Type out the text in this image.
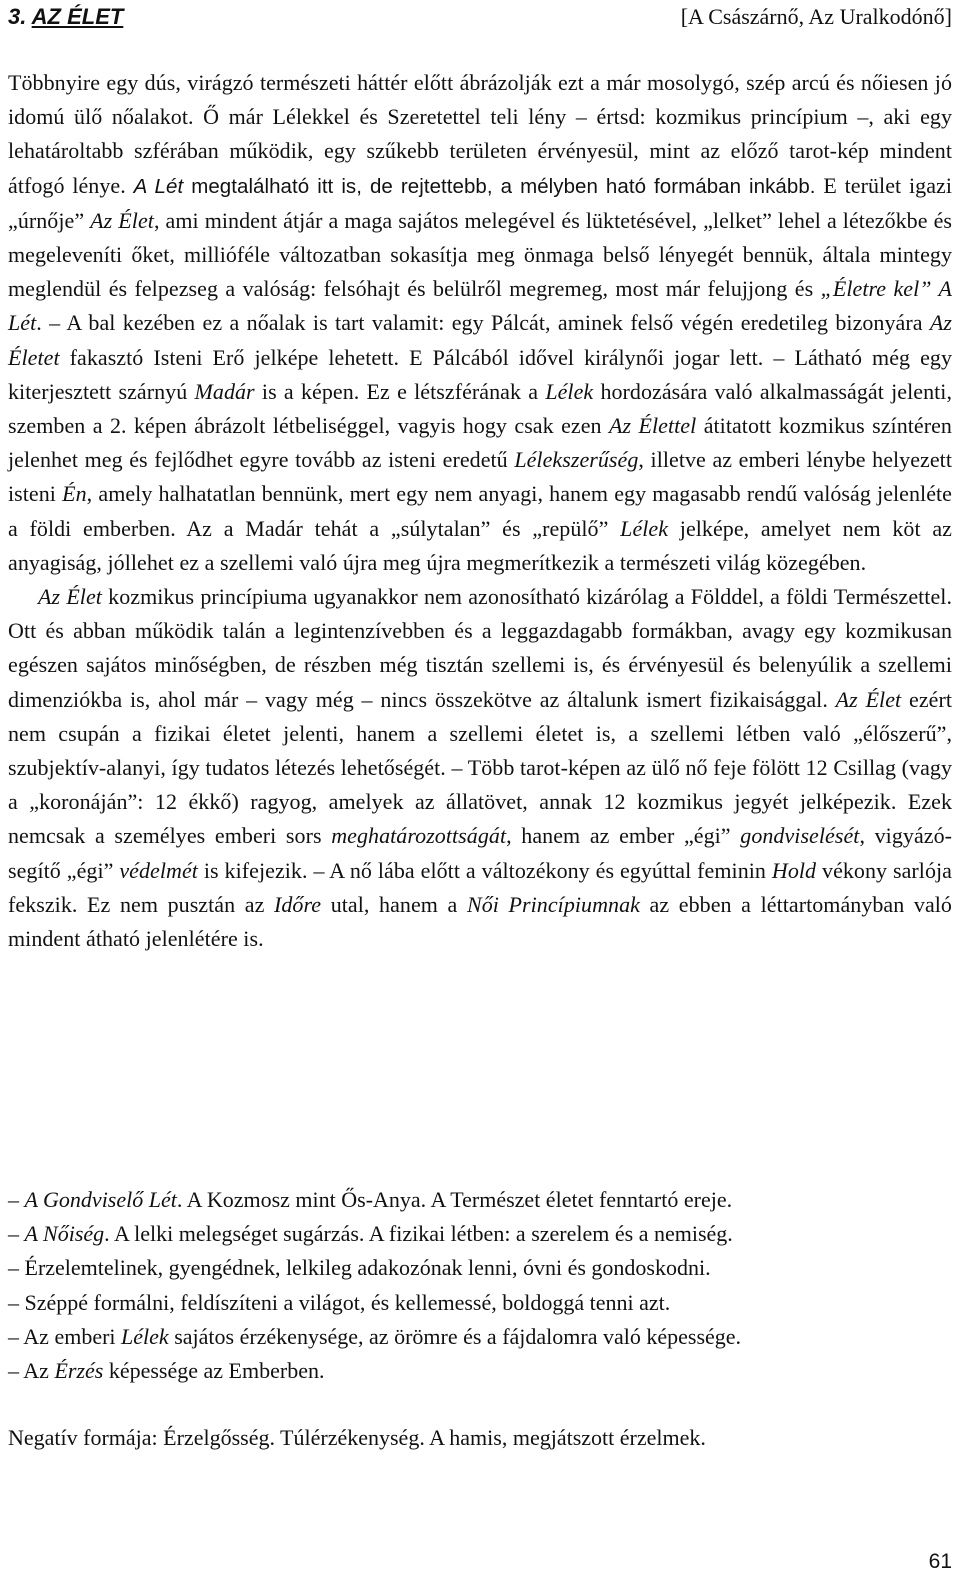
3. AZ ÉLET	[A Császárnő, Az Uralkodónő]

Többnyire egy dús, virágzó természeti háttér előtt ábrázolják ezt a már mosolygó, szép arcú és nőiesen jó idomú ülő nőalakot. Ő már Lélekkel és Szeretettel teli lény – értsd: kozmikus princípium –, aki egy lehatároltabb szférában működik, egy szűkebb területen érvényesül, mint az előző tarot-kép mindent átfogó lénye. A Lét megtalálható itt is, de rejtettebb, a mélyben ható formában inkább. E terület igazi „úrnője” Az Élet, ami mindent átjár a maga sajátos melegével és lüktetésével, „lelket” lehel a létezőkbe és megeleveníti őket, millióféle változatban sokasítja meg önmaga belső lényegét bennük, általa mintegy meglendül és felpezseg a valóság: felsóhajt és belülről megremeg, most már felujjong és „Életre kel” A Lét. – A bal kezében ez a nőalak is tart valamit: egy Pálcát, aminek felső végén eredetileg bizonyára Az Életet fakasztó Isteni Erő jelképe lehetett. E Pálcából idővel királynői jogar lett. – Látható még egy kiterjesztett szárnyú Madár is a képen. Ez e létszférának a Lélek hordozására való alkalmasságát jelenti, szemben a 2. képen ábrázolt létbeliséggel, vagyis hogy csak ezen Az Élettel átitatott kozmikus színtéren jelenhet meg és fejlődhet egyre tovább az isteni eredetű Lélekszerűség, illetve az emberi lénybe helyezett isteni Én, amely halhatatlan bennünk, mert egy nem anyagi, hanem egy magasabb rendű valóság jelenléte a földi emberben. Az a Madár tehát a „súlytalan” és „repülő” Lélek jelképe, amelyet nem köt az anyagiság, jóllehet ez a szellemi való újra meg újra megmerítkezik a természeti világ közegében.

Az Élet kozmikus princípiuma ugyanakkor nem azonosítható kizárólag a Földdel, a földi Természettel. Ott és abban működik talán a legintenzívebben és a leggazdagabb formákban, avagy egy kozmikusan egészen sajátos minőségben, de részben még tisztán szellemi is, és érvényesül és belenyúlik a szellemi dimenziókba is, ahol már – vagy még – nincs összekötve az általunk ismert fizikaisággal. Az Élet ezért nem csupán a fizikai életet jelenti, hanem a szellemi életet is, a szellemi létben való „élőszerű”, szubjektív-alanyi, így tudatos létezés lehetőségét. – Több tarot-képen az ülő nő feje fölött 12 Csillag (vagy a „koronáján”: 12 ékkő) ragyog, amelyek az állatövet, annak 12 kozmikus jegyét jelképezik. Ezek nemcsak a személyes emberi sors meghatározottságát, hanem az ember „égi” gondviselését, vigyázó-segítő „égi” védelmét is kifejezik. – A nő lába előtt a változékony és egyúttal feminin Hold vékony sarlója fekszik. Ez nem pusztán az Időre utal, hanem a Női Princípiumnak az ebben a léttartományban való mindent átható jelenlétére is.

– A Gondviselő Lét. A Kozmosz mint Ős-Anya. A Természet életet fenntartó ereje.
– A Nőiség. A lelki melegséget sugárzás. A fizikai létben: a szerelem és a nemiség.
– Érzelemtelinek, gyengédnek, lelkileg adakozónak lenni, óvni és gondoskodni.
– Széppé formálni, feldíszíteni a világot, és kellemessé, boldoggá tenni azt.
– Az emberi Lélek sajátos érzékenysége, az örömre és a fájdalomra való képessége.
– Az Érzés képessége az Emberben.
Negatív formája: Érzelgősség. Túlérzékenység. A hamis, megjátszott érzelmek.
61
